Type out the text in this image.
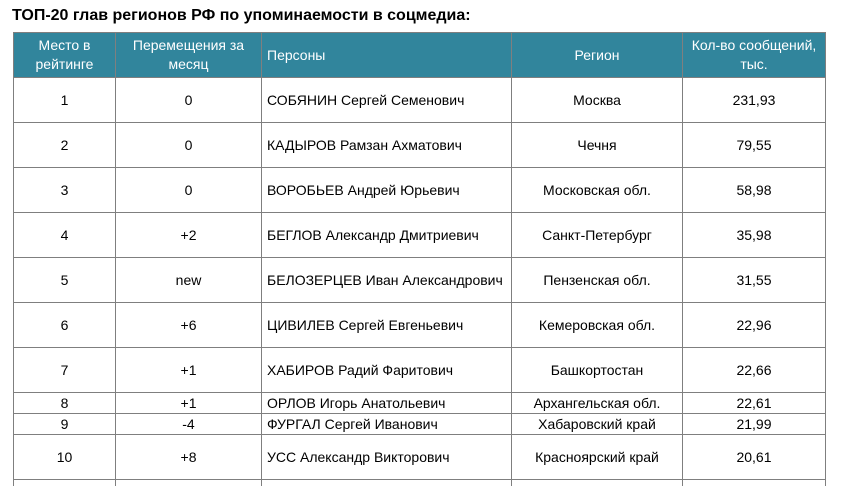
ТОП-20 глав регионов РФ по упоминаемости в соцмедиа:
Место в рейтинге	Перемещения за месяц	Персоны	Регион	Кол-во сообщений, тыс.
1	0	СОБЯНИН Сергей Семенович	Москва	231,93
2	0	КАДЫРОВ Рамзан Ахматович	Чечня	79,55
3	0	ВОРОБЬЕВ Андрей Юрьевич	Московская обл.	58,98
4	+2	БЕГЛОВ Александр Дмитриевич	Санкт-Петербург	35,98
5	new	БЕЛОЗЕРЦЕВ Иван Александрович	Пензенская обл.	31,55
6	+6	ЦИВИЛЕВ Сергей Евгеньевич	Кемеровская обл.	22,96
7	+1	ХАБИРОВ Радий Фаритович	Башкортостан	22,66
8	+1	ОРЛОВ Игорь Анатольевич	Архангельская обл.	22,61
9	-4	ФУРГАЛ Сергей Иванович	Хабаровский край	21,99
10	+8	УСС Александр Викторович	Красноярский край	20,61
